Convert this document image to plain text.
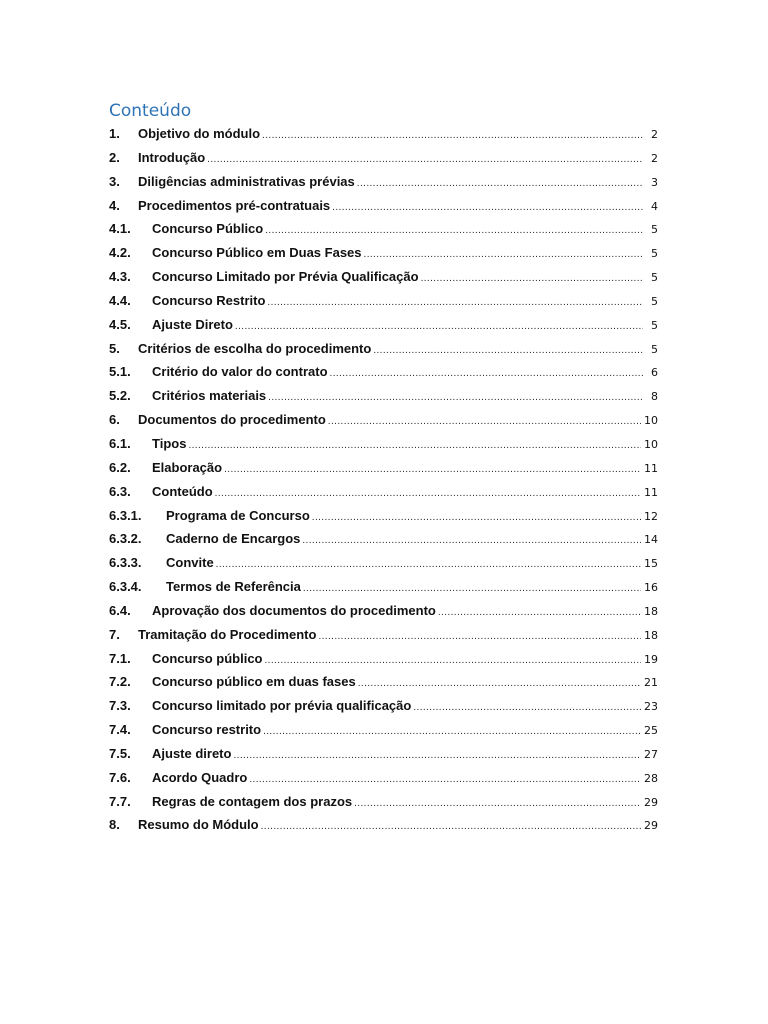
Conteúdo
1.	Objetivo do módulo .....	2
2.	Introdução .....	2
3.	Diligências administrativas prévias .....	3
4.	Procedimentos pré-contratuais .....	4
4.1.	Concurso Público .....	5
4.2.	Concurso Público em Duas Fases .....	5
4.3.	Concurso Limitado por Prévia Qualificação .....	5
4.4.	Concurso Restrito .....	5
4.5.	Ajuste Direto .....	5
5.	Critérios de escolha do procedimento .....	5
5.1.	Critério do valor do contrato .....	6
5.2.	Critérios materiais .....	8
6.	Documentos do procedimento .....	10
6.1.	Tipos .....	10
6.2.	Elaboração .....	11
6.3.	Conteúdo .....	11
6.3.1.	Programa de Concurso .....	12
6.3.2.	Caderno de Encargos .....	14
6.3.3.	Convite .....	15
6.3.4.	Termos de Referência .....	16
6.4.	Aprovação dos documentos do procedimento .....	18
7.	Tramitação do Procedimento .....	18
7.1.	Concurso público .....	19
7.2.	Concurso público em duas fases .....	21
7.3.	Concurso limitado por prévia qualificação .....	23
7.4.	Concurso restrito .....	25
7.5.	Ajuste direto .....	27
7.6.	Acordo Quadro .....	28
7.7.	Regras de contagem dos prazos .....	29
8.	Resumo do Módulo .....	29
